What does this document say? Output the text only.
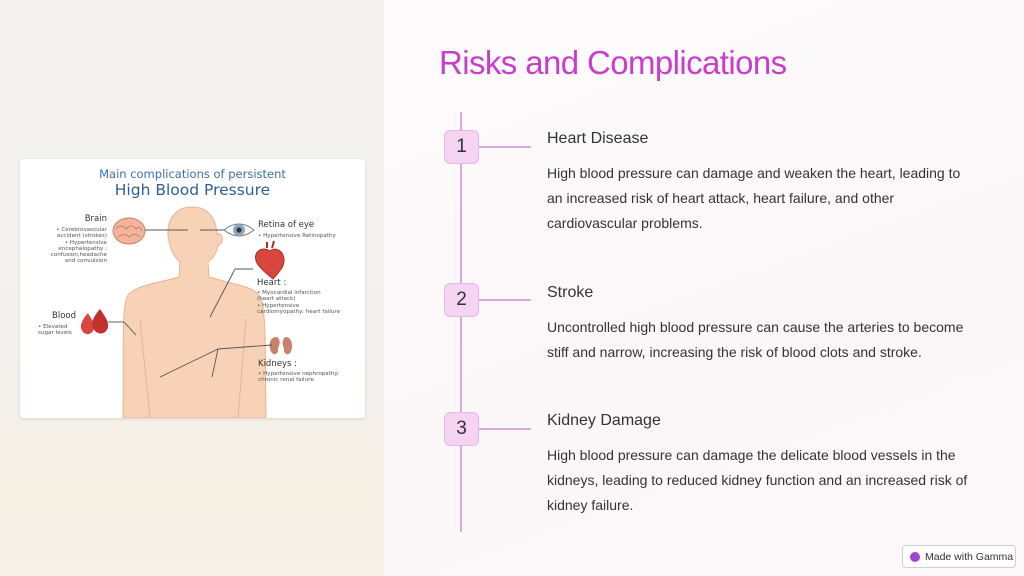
Main complications of persistent
High Blood Pressure
Brain
• Cerebrovascular
accident (strokes)
• Hypertensive
encephalopathy :
confusion,headache
and convulsion
Retina of eye
• Hypertensive Retinopathy
Heart :
• Myocardial infarction
(heart attack)
• Hypertensive
cardiomyopathy: heart failure
Blood
• Elevated
sugar levels
Kidneys :
• Hypertensive nephropathy:
chronic renal failure
Risks and Complications
1	Heart Disease

High blood pressure can damage and weaken the heart, leading to an increased risk of heart attack, heart failure, and other cardiovascular problems.

2	Stroke

Uncontrolled high blood pressure can cause the arteries to become stiff and narrow, increasing the risk of blood clots and stroke.

3	Kidney Damage

High blood pressure can damage the delicate blood vessels in the kidneys, leading to reduced kidney function and an increased risk of kidney failure.

Made with Gamma
